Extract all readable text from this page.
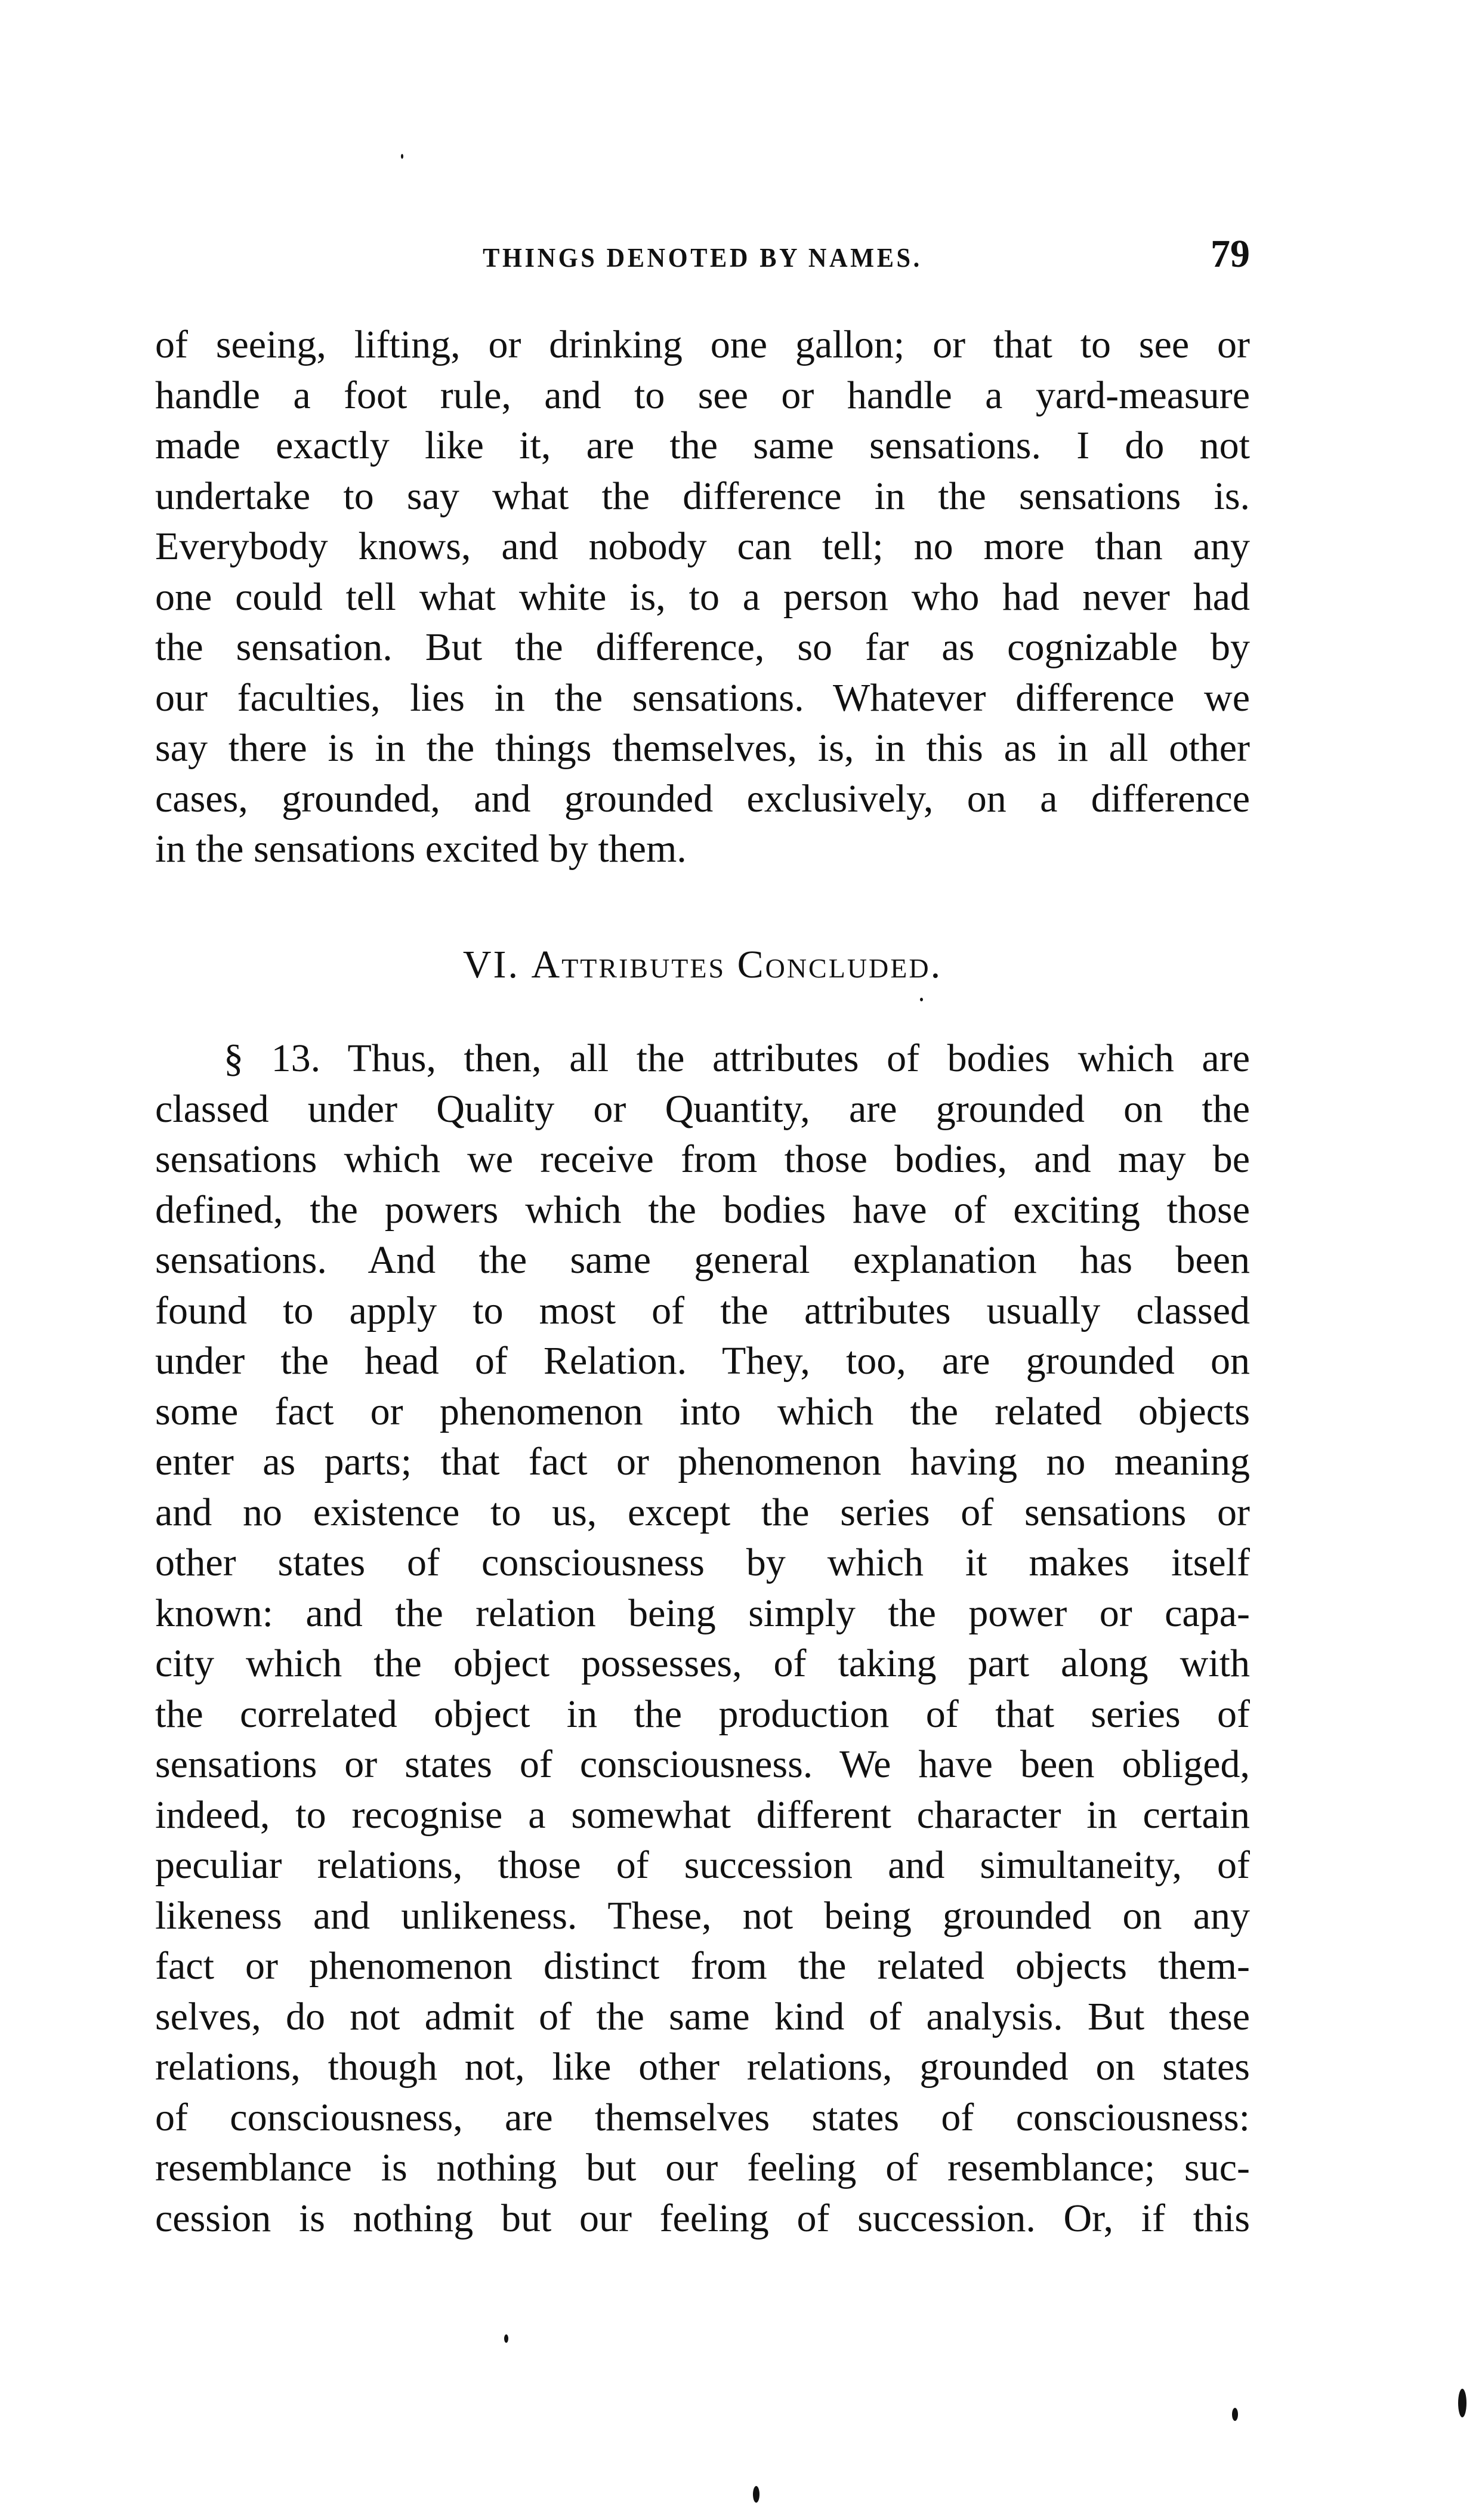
THINGS DENOTED BY NAMES.	79
of seeing, lifting, or drinking one gallon; or that to see or
handle a foot rule, and to see or handle a yard-measure
made exactly like it, are the same sensations. I do not
undertake to say what the difference in the sensations is.
Everybody knows, and nobody can tell; no more than any
one could tell what white is, to a person who had never had
the sensation. But the difference, so far as cognizable by
our faculties, lies in the sensations. Whatever difference we
say there is in the things themselves, is, in this as in all other
cases, grounded, and grounded exclusively, on a difference
in the sensations excited by them.
VI. Attributes Concluded.
§ 13. Thus, then, all the attributes of bodies which are
classed under Quality or Quantity, are grounded on the
sensations which we receive from those bodies, and may be
defined, the powers which the bodies have of exciting those
sensations. And the same general explanation has been
found to apply to most of the attributes usually classed
under the head of Relation. They, too, are grounded on
some fact or phenomenon into which the related objects
enter as parts; that fact or phenomenon having no meaning
and no existence to us, except the series of sensations or
other states of consciousness by which it makes itself
known: and the relation being simply the power or capa-
city which the object possesses, of taking part along with
the correlated object in the production of that series of
sensations or states of consciousness. We have been obliged,
indeed, to recognise a somewhat different character in certain
peculiar relations, those of succession and simultaneity, of
likeness and unlikeness. These, not being grounded on any
fact or phenomenon distinct from the related objects them-
selves, do not admit of the same kind of analysis. But these
relations, though not, like other relations, grounded on states
of consciousness, are themselves states of consciousness:
resemblance is nothing but our feeling of resemblance; suc-
cession is nothing but our feeling of succession. Or, if this
